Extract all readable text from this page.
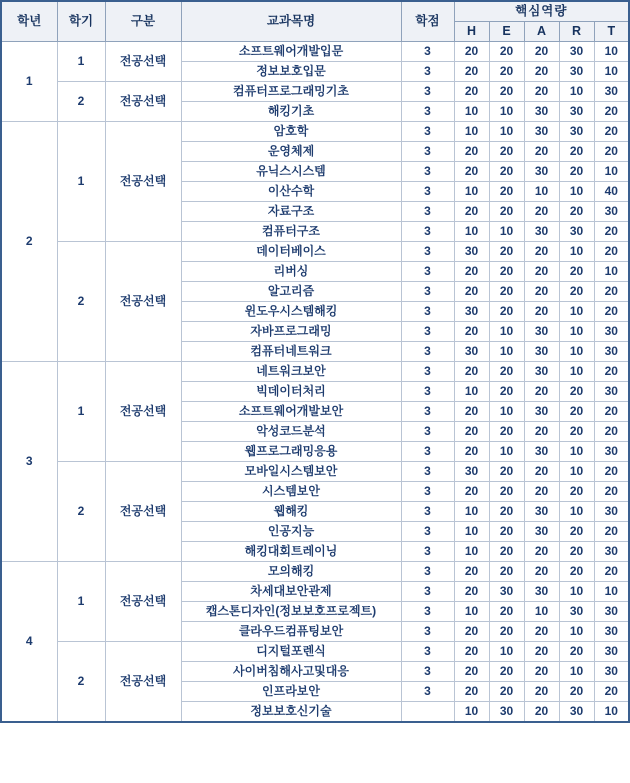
학년	학기	구분	교과목명	학점	핵심역량				
					H	E	A	R	T
1	1	전공선택	소프트웨어개발입문	3	20	20	20	30	10
			정보보호입문	3	20	20	20	30	10
	2	전공선택	컴퓨터프로그래밍기초	3	20	20	20	10	30
			해킹기초	3	10	10	30	30	20
2	1	전공선택	암호학	3	10	10	30	30	20
			운영체제	3	20	20	20	20	20
			유닉스시스템	3	20	20	30	20	10
			이산수학	3	10	20	10	10	40
			자료구조	3	20	20	20	20	30
			컴퓨터구조	3	10	10	30	30	20
	2	전공선택	데이터베이스	3	30	20	20	10	20
			리버싱	3	20	20	20	20	10
			알고리즘	3	20	20	20	20	20
			윈도우시스템해킹	3	30	20	20	10	20
			자바프로그래밍	3	20	10	30	10	30
			컴퓨터네트워크	3	30	10	30	10	30
3	1	전공선택	네트워크보안	3	20	20	30	10	20
			빅데이터처리	3	10	20	20	20	30
			소프트웨어개발보안	3	20	10	30	20	20
			악성코드분석	3	20	20	20	20	20
			웹프로그래밍응용	3	20	10	30	10	30
	2	전공선택	모바일시스템보안	3	30	20	20	10	20
			시스템보안	3	20	20	20	20	20
			웹해킹	3	10	20	30	10	30
			인공지능	3	10	20	30	20	20
			해킹대회트레이닝	3	10	20	20	20	30
4	1	전공선택	모의해킹	3	20	20	20	20	20
			차세대보안관제	3	20	30	30	10	10
			캡스톤디자인(정보보호프로젝트)	3	10	20	10	30	30
			클라우드컴퓨팅보안	3	20	20	20	10	30
	2	전공선택	디지털포렌식	3	20	10	20	20	30
			사이버침해사고및대응	3	20	20	20	10	30
			인프라보안	3	20	20	20	20	20
			정보보호신기술		10	30	20	30	10
